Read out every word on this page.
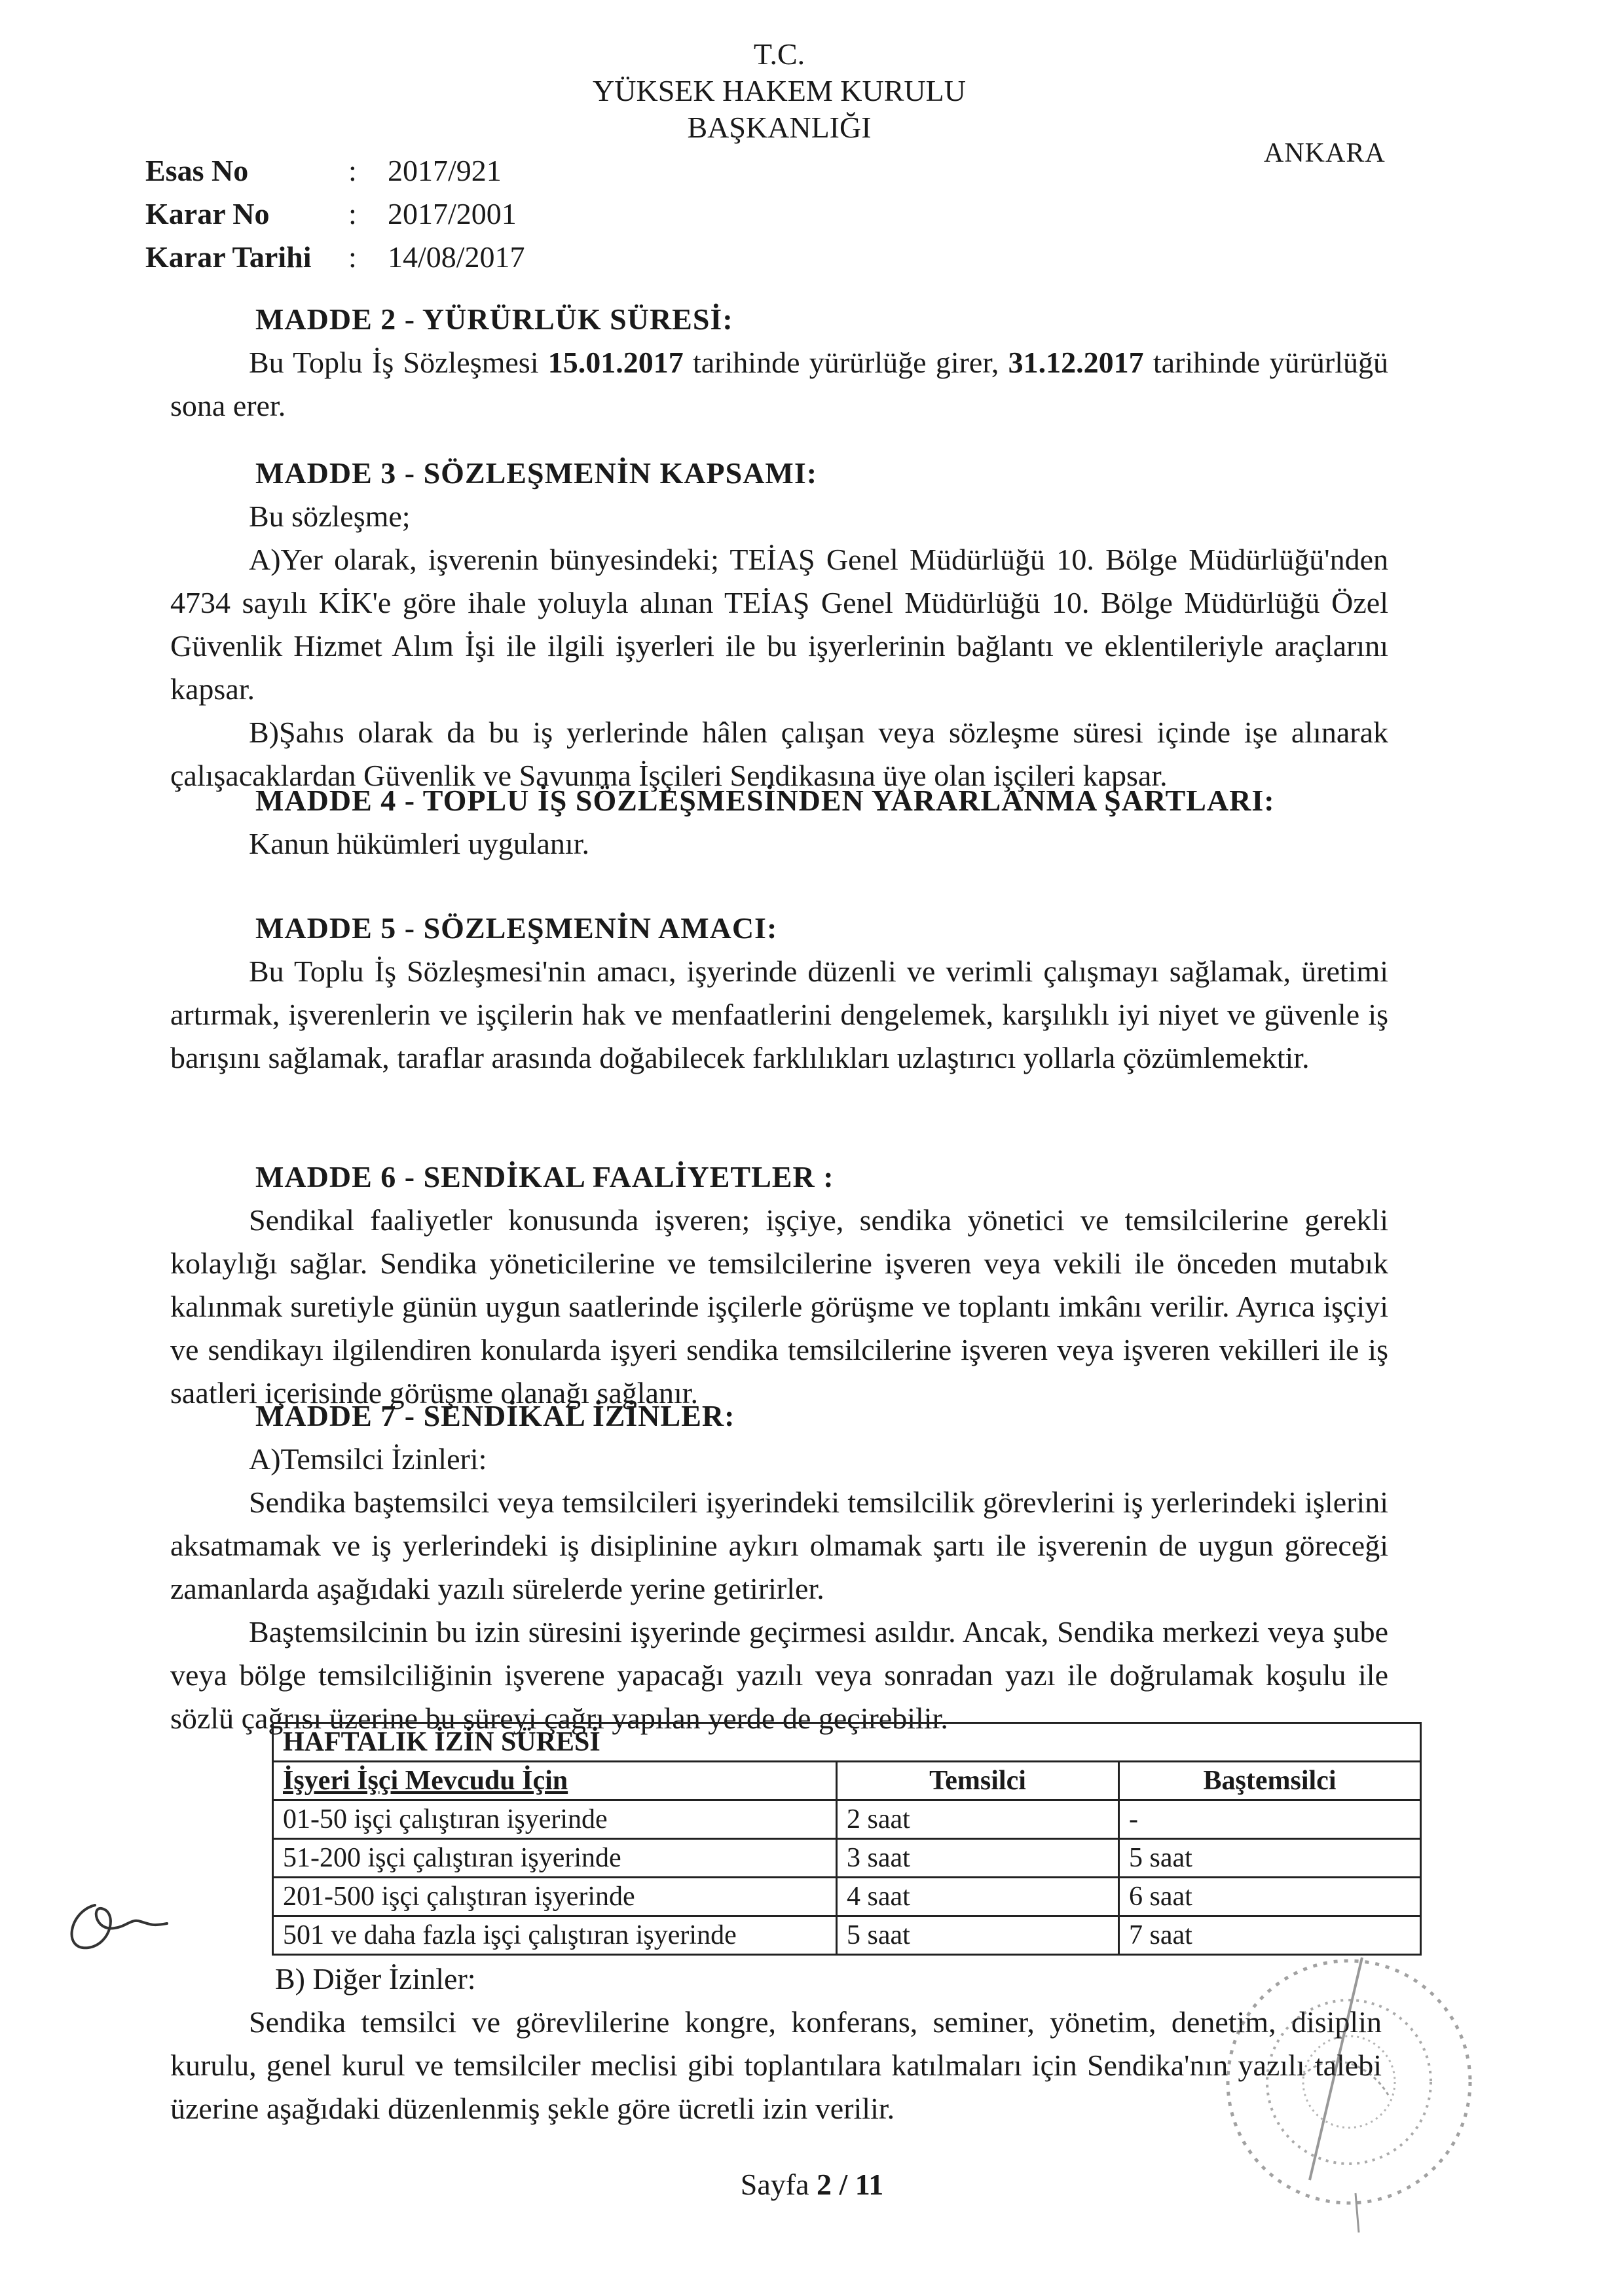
T.C.
YÜKSEK HAKEM KURULU
BAŞKANLIĞI
ANKARA
Esas No	:	2017/921
Karar No	:	2017/2001
Karar Tarihi	:	14/08/2017
MADDE 2 - YÜRÜRLÜK SÜRESİ:

Bu Toplu İş Sözleşmesi 15.01.2017 tarihinde yürürlüğe girer, 31.12.2017 tarihinde yürürlüğü sona erer.

MADDE 3 - SÖZLEŞMENİN KAPSAMI:

Bu sözleşme;

A)Yer olarak, işverenin bünyesindeki; TEİAŞ Genel Müdürlüğü 10. Bölge Müdürlüğü'nden 4734 sayılı KİK'e göre ihale yoluyla alınan TEİAŞ Genel Müdürlüğü 10. Bölge Müdürlüğü Özel Güvenlik Hizmet Alım İşi ile ilgili işyerleri ile bu işyerlerinin bağlantı ve eklentileriyle araçlarını kapsar.

B)Şahıs olarak da bu iş yerlerinde hâlen çalışan veya sözleşme süresi içinde işe alınarak çalışacaklardan Güvenlik ve Savunma İşçileri Sendikasına üye olan işçileri kapsar.

MADDE 4 - TOPLU İŞ SÖZLEŞMESİNDEN YARARLANMA ŞARTLARI:

Kanun hükümleri uygulanır.

MADDE 5 - SÖZLEŞMENİN AMACI:

Bu Toplu İş Sözleşmesi'nin amacı, işyerinde düzenli ve verimli çalışmayı sağlamak, üretimi artırmak, işverenlerin ve işçilerin hak ve menfaatlerini dengelemek, karşılıklı iyi niyet ve güvenle iş barışını sağlamak, taraflar arasında doğabilecek farklılıkları uzlaştırıcı yollarla çözümlemektir.

MADDE 6 - SENDİKAL FAALİYETLER :

Sendikal faaliyetler konusunda işveren; işçiye, sendika yönetici ve temsilcilerine gerekli kolaylığı sağlar. Sendika yöneticilerine ve temsilcilerine işveren veya vekili ile önceden mutabık kalınmak suretiyle günün uygun saatlerinde işçilerle görüşme ve toplantı imkânı verilir. Ayrıca işçiyi ve sendikayı ilgilendiren konularda işyeri sendika temsilcilerine işveren veya işveren vekilleri ile iş saatleri içerisinde görüşme olanağı sağlanır.

MADDE 7 - SENDİKAL İZİNLER:

A)Temsilci İzinleri:

Sendika baştemsilci veya temsilcileri işyerindeki temsilcilik görevlerini iş yerlerindeki işlerini aksatmamak ve iş yerlerindeki iş disiplinine aykırı olmamak şartı ile işverenin de uygun göreceği zamanlarda aşağıdaki yazılı sürelerde yerine getirirler.

Baştemsilcinin bu izin süresini işyerinde geçirmesi asıldır. Ancak, Sendika merkezi veya şube veya bölge temsilciliğinin işverene yapacağı yazılı veya sonradan yazı ile doğrulamak koşulu ile sözlü çağrısı üzerine bu süreyi çağrı yapılan yerde de geçirebilir.

HAFTALIK İZİN SÜRESİ		
İşyeri İşçi Mevcudu İçin	Temsilci	Baştemsilci
01-50 işçi çalıştıran işyerinde	2 saat	-
51-200 işçi çalıştıran işyerinde	3 saat	5 saat
201-500 işçi çalıştıran işyerinde	4 saat	6 saat
501 ve daha fazla işçi çalıştıran işyerinde	5 saat	7 saat

B) Diğer İzinler:

Sendika temsilci ve görevlilerine kongre, konferans, seminer, yönetim, denetim, disiplin kurulu, genel kurul ve temsilciler meclisi gibi toplantılara katılmaları için Sendika'nın yazılı talebi üzerine aşağıdaki düzenlenmiş şekle göre ücretli izin verilir.

Sayfa 2 / 11
